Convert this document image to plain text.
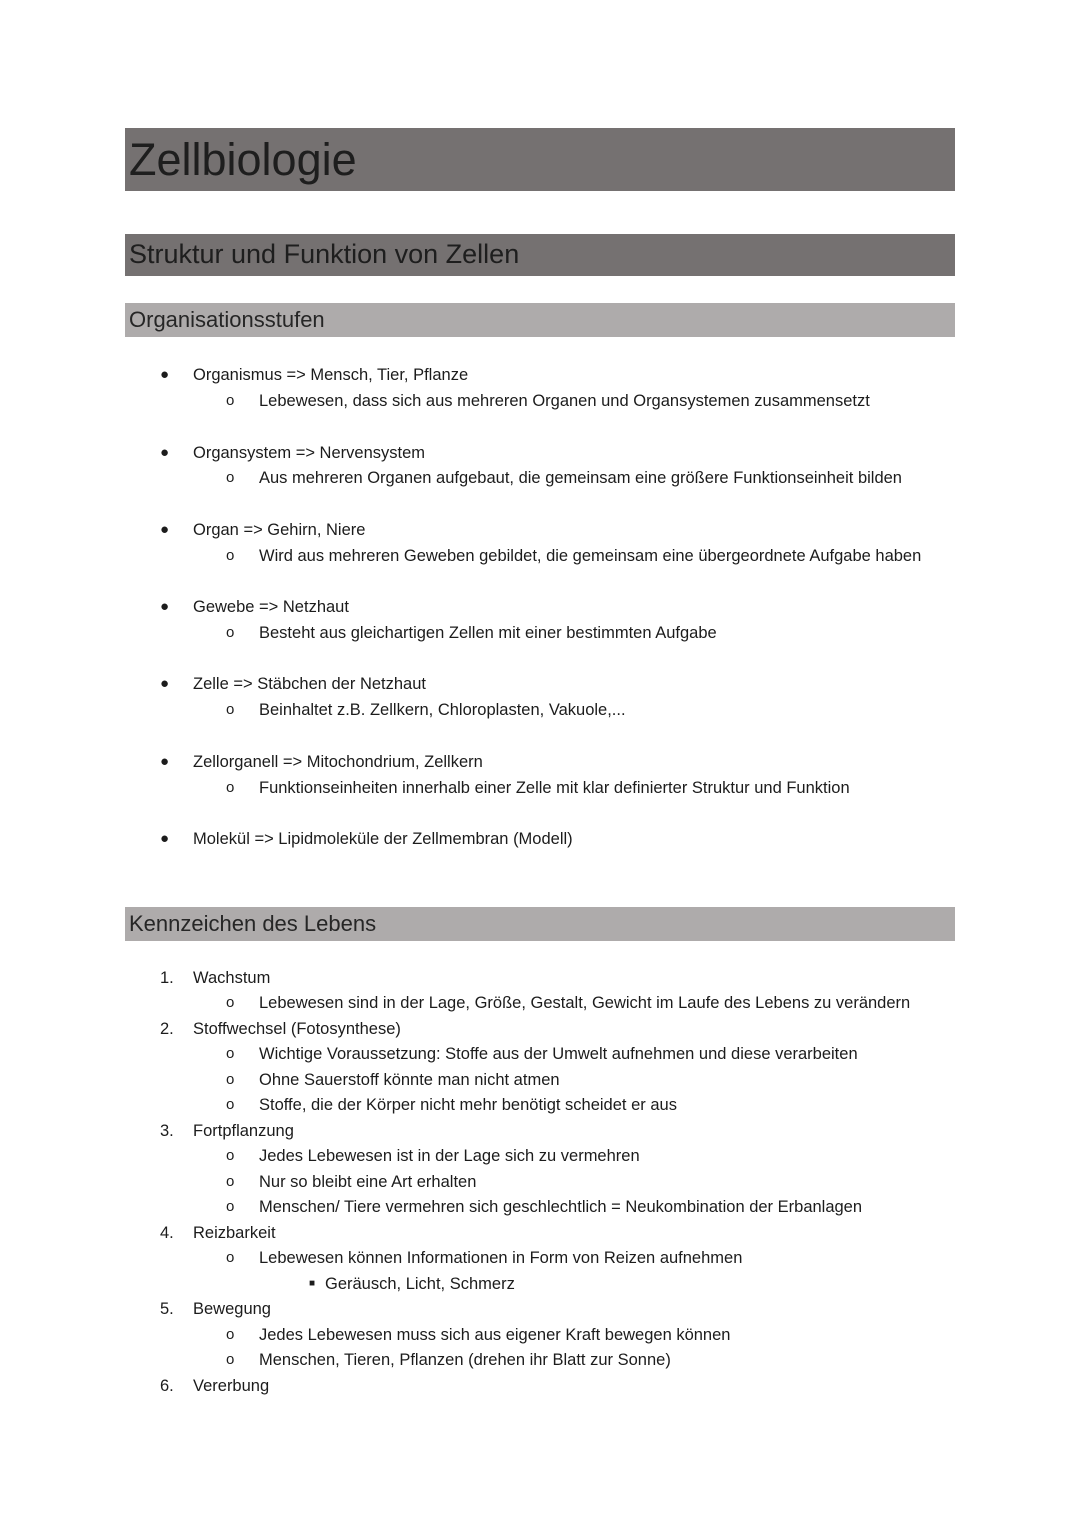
Zellbiologie
Struktur und Funktion von Zellen
Organisationsstufen
● Organismus => Mensch, Tier, Pflanze
o Lebewesen, dass sich aus mehreren Organen und Organsystemen zusammensetzt
● Organsystem => Nervensystem
o Aus mehreren Organen aufgebaut, die gemeinsam eine größere Funktionseinheit bilden
● Organ => Gehirn, Niere
o Wird aus mehreren Geweben gebildet, die gemeinsam eine übergeordnete Aufgabe haben
● Gewebe => Netzhaut
o Besteht aus gleichartigen Zellen mit einer bestimmten Aufgabe
● Zelle => Stäbchen der Netzhaut
o Beinhaltet z.B. Zellkern, Chloroplasten, Vakuole,...
● Zellorganell => Mitochondrium, Zellkern
o Funktionseinheiten innerhalb einer Zelle mit klar definierter Struktur und Funktion
● Molekül => Lipidmoleküle der Zellmembran (Modell)
Kennzeichen des Lebens
1. Wachstum
o Lebewesen sind in der Lage, Größe, Gestalt, Gewicht im Laufe des Lebens zu verändern
2. Stoffwechsel (Fotosynthese)
o Wichtige Voraussetzung: Stoffe aus der Umwelt aufnehmen und diese verarbeiten
o Ohne Sauerstoff könnte man nicht atmen
o Stoffe, die der Körper nicht mehr benötigt scheidet er aus
3. Fortpflanzung
o Jedes Lebewesen ist in der Lage sich zu vermehren
o Nur so bleibt eine Art erhalten
o Menschen/ Tiere vermehren sich geschlechtlich = Neukombination der Erbanlagen
4. Reizbarkeit
o Lebewesen können Informationen in Form von Reizen aufnehmen
■ Geräusch, Licht, Schmerz
5. Bewegung
o Jedes Lebewesen muss sich aus eigener Kraft bewegen können
o Menschen, Tieren, Pflanzen (drehen ihr Blatt zur Sonne)
6. Vererbung
